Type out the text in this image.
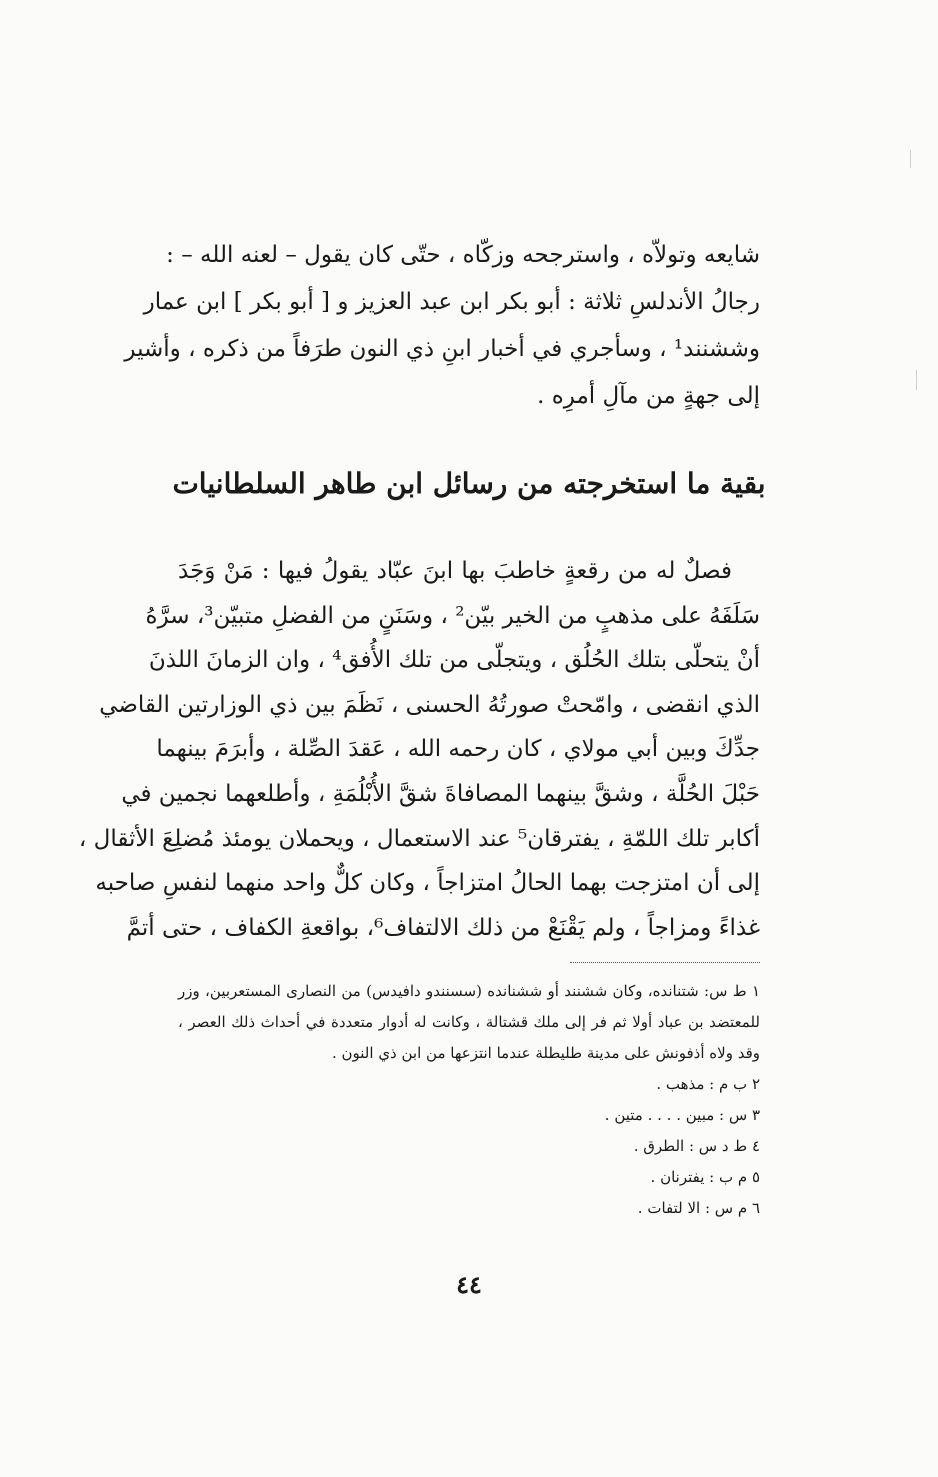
شايعه وتولاّه ، واسترجحه وزكّاه ، حتّى كان يقول – لعنه الله – :
رجالُ الأندلسِ ثلاثة : أبو بكر ابن عبد العزيز و [ أبو بكر ] ابن عمار
وششنند¹ ، وسأجري في أخبار ابنِ ذي النون طرَفاً من ذكره ، وأشير
إلى جهةٍ من مآلِ أمرِه .
بقية ما استخرجته من رسائل ابن طاهر السلطانيات
فصلٌ له من رقعةٍ خاطبَ بها ابنَ عبّاد يقولُ فيها : مَنْ وَجَدَ
سَلَفَهُ على مذهبٍ من الخير بيّن² ، وسَنَنٍ من الفضلِ متبيّن³، سرَّهُ
أنْ يتحلّى بتلك الحُلُق ، ويتجلّى من تلك الأُفق⁴ ، وان الزمانَ اللذنَ
الذي انقضى ، وامّحتْ صورتُهُ الحسنى ، نَظَمَ بين ذي الوزارتين القاضي
جدِّكَ وبين أبي مولاي ، كان رحمه الله ، عَقدَ الصِّلة ، وأبرَمَ بينهما
حَبْلَ الحُلَّة ، وشقَّ بينهما المصافاةَ شقَّ الأُبْلُمَةِ ، وأطلعهما نجمين في
أكابر تلك اللمّةِ ، يفترقان⁵ عند الاستعمال ، ويحملان يومئذ مُضلِعَ الأثقال ،
إلى أن امتزجت بهما الحالُ امتزاجاً ، وكان كلٌّ واحد منهما لنفسِ صاحبه
غذاءً ومزاجاً ، ولم يَقْنَعْ من ذلك الالتفاف⁶، بواقعةِ الكفاف ، حتى أتمَّ
١ ط س: شتنانده، وكان ششنند أو ششنانده (سسنندو دافيدس) من النصارى المستعربين، وزر
للمعتضد بن عباد أولا ثم فر إلى ملك قشتالة ، وكانت له أدوار متعددة في أحداث ذلك العصر ،
وقد ولاه أذفونش على مدينة طليطلة عندما انتزعها من ابن ذي النون .
٢ ب م : مذهب .
٣ س : مبين . . . . متين .
٤ ط د س : الطرق .
٥ م ب : يفترنان .
٦ م س : الا لتفات .
٤٤
